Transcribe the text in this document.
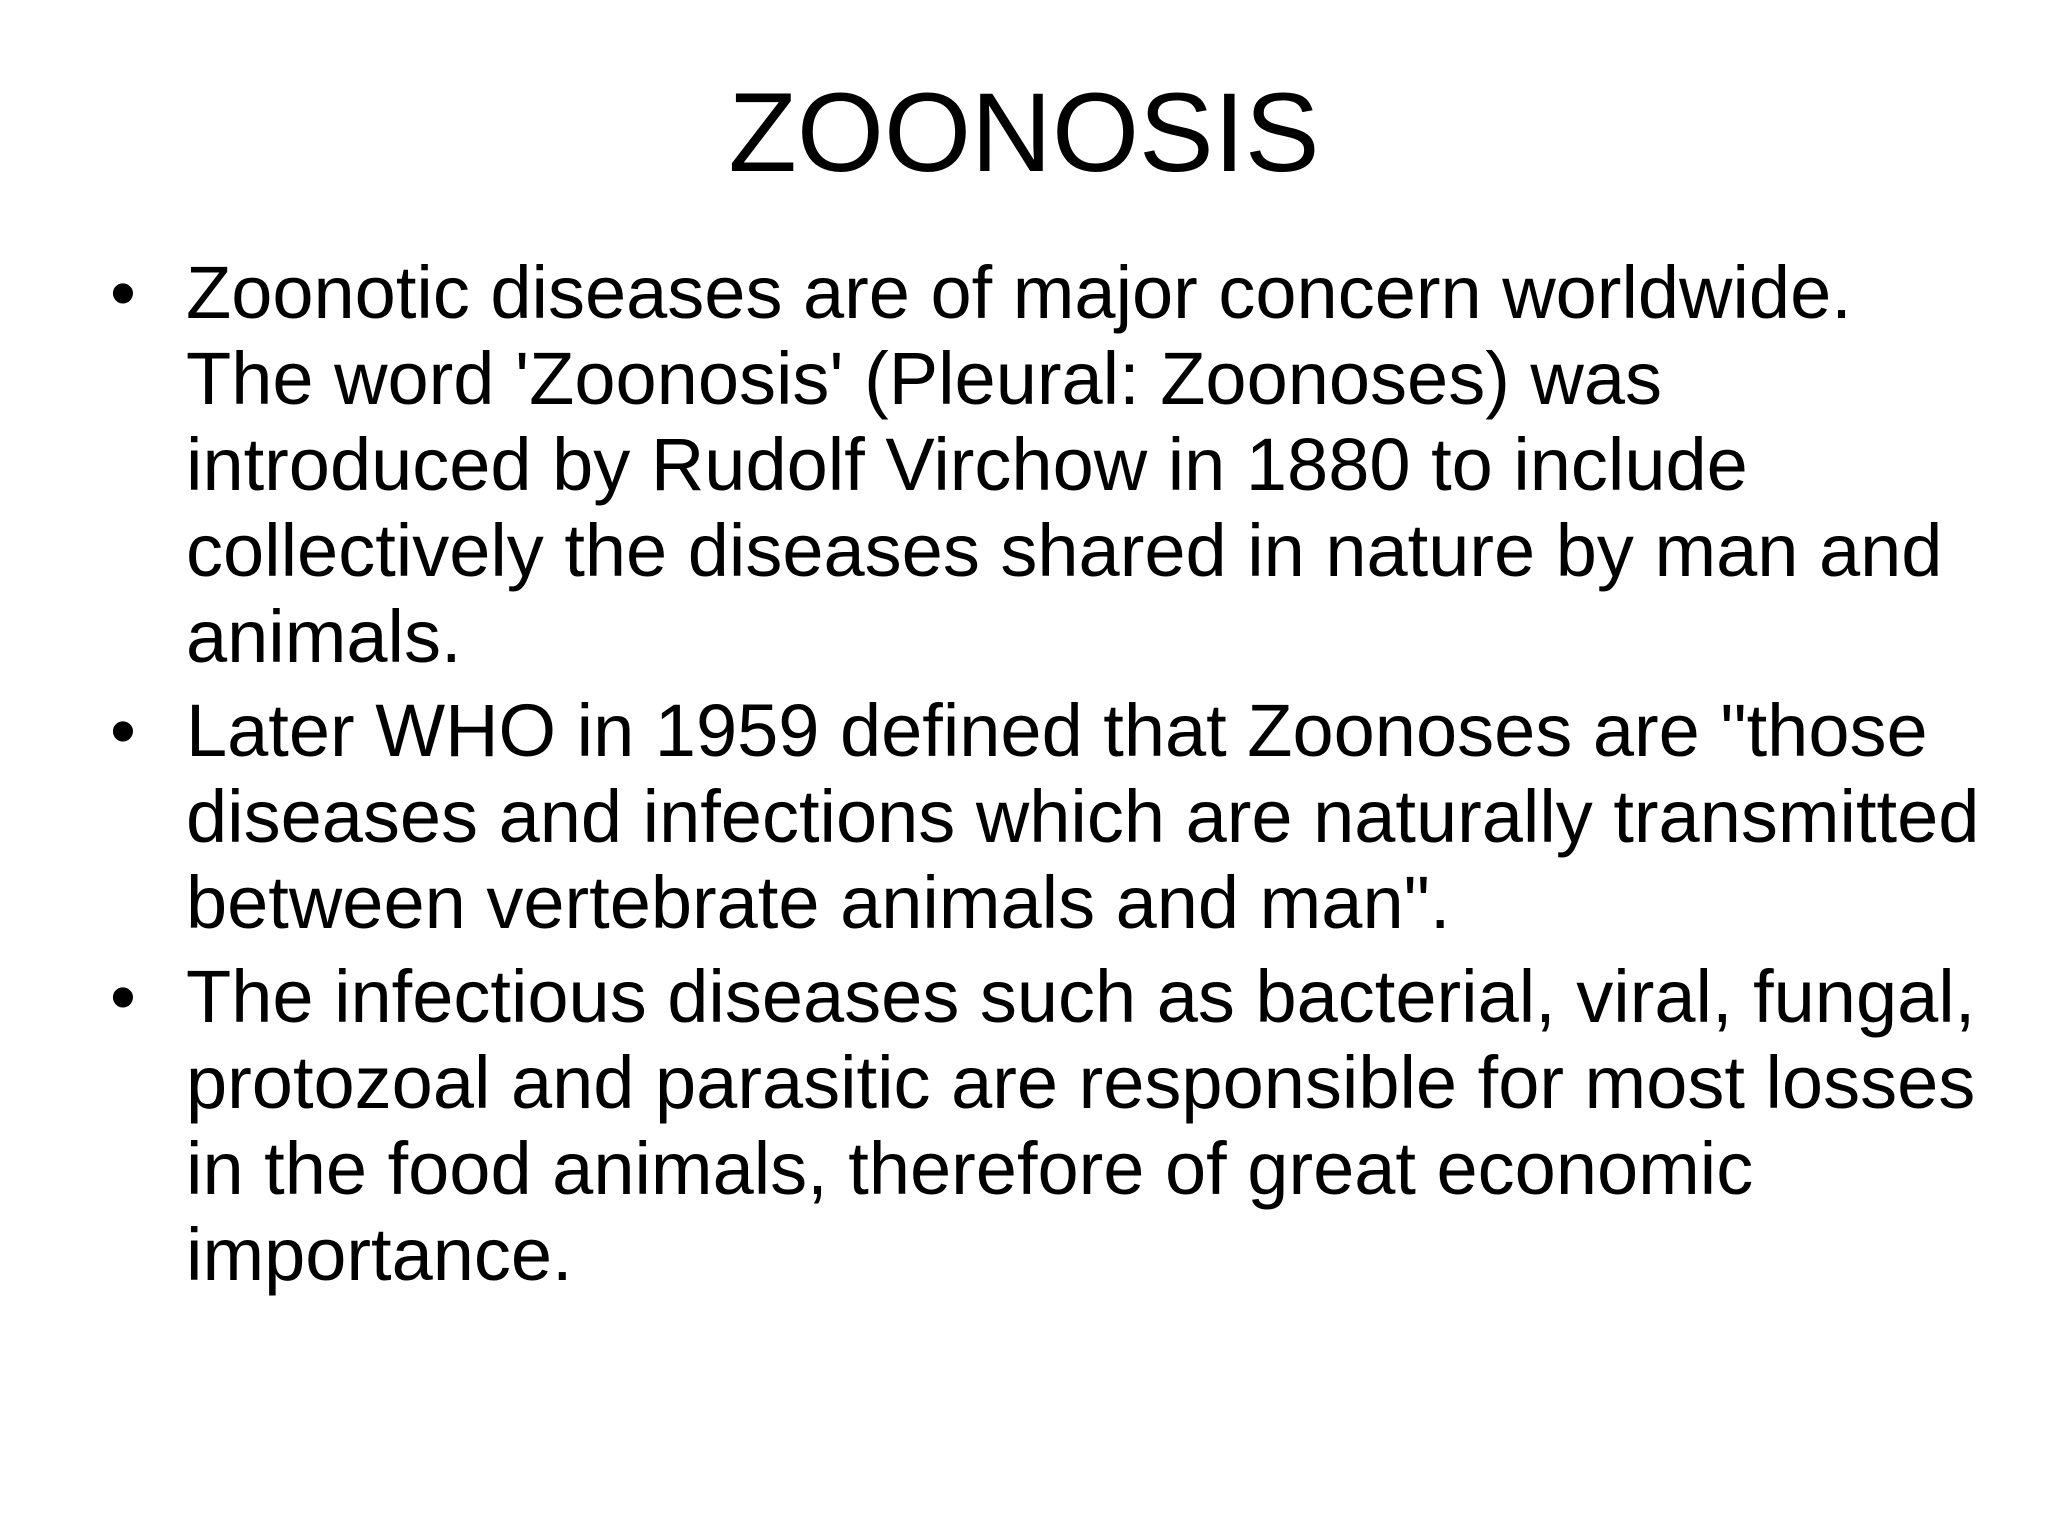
ZOONOSIS
• Zoonotic diseases are of major concern worldwide. The word 'Zoonosis' (Pleural: Zoonoses) was introduced by Rudolf Virchow in 1880 to include collectively the diseases shared in nature by man and animals.
• Later WHO in 1959 defined that Zoonoses are "those diseases and infections which are naturally transmitted between vertebrate animals and man".
• The infectious diseases such as bacterial, viral, fungal, protozoal and parasitic are responsible for most losses in the food animals, therefore of great economic importance.
